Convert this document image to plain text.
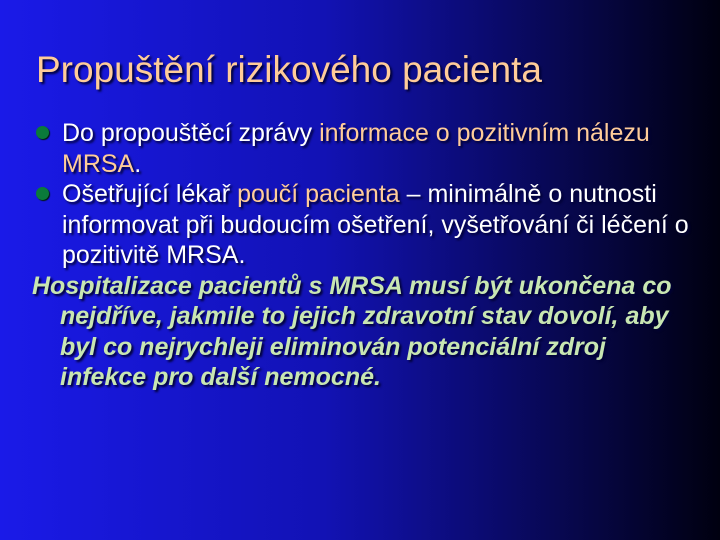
Propuštění rizikového pacienta
Do propouštěcí zprávy informace o pozitivním nálezu MRSA.
Ošetřující lékař poučí pacienta – minimálně o nutnosti informovat při budoucím ošetření, vyšetřování či léčení o pozitivitě MRSA.
Hospitalizace pacientů s MRSA musí být ukončena co nejdříve, jakmile to jejich zdravotní stav dovolí, aby byl co nejrychleji eliminován potenciální zdroj infekce pro další nemocné.
